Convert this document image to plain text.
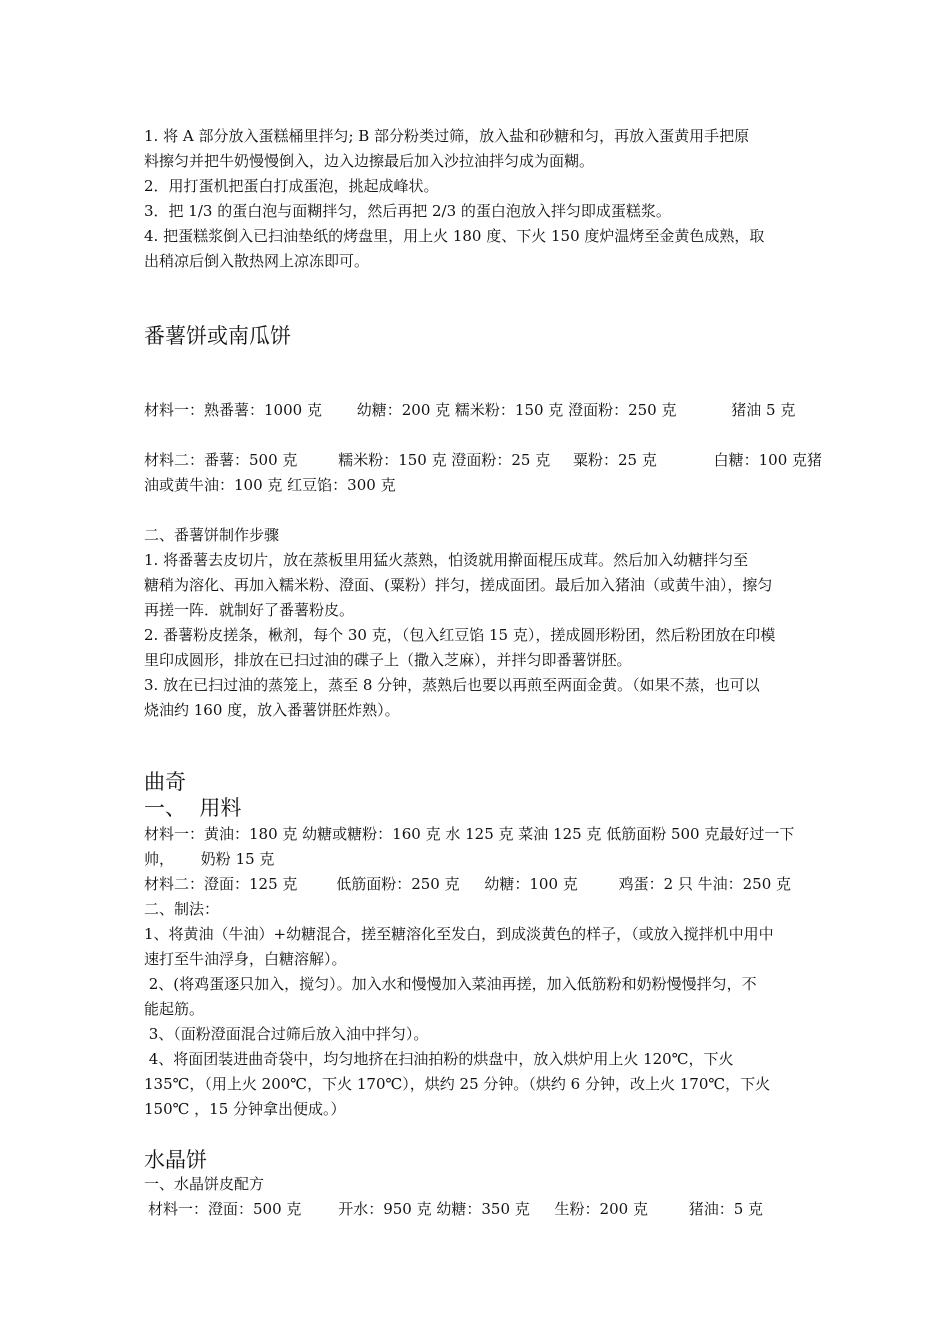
1. 将 A 部分放入蛋糕桶里拌匀; B 部分粉类过筛，放入盐和砂糖和匀，再放入蛋黄用手把原
料擦匀并把牛奶慢慢倒入，边入边擦最后加入沙拉油拌匀成为面糊。
2．用打蛋机把蛋白打成蛋泡，挑起成峰状。
3．把 1/3 的蛋白泡与面糊拌匀，然后再把 2/3 的蛋白泡放入拌匀即成蛋糕浆。
4. 把蛋糕浆倒入已扫油垫纸的烤盘里，用上火 180 度、下火 150 度炉温烤至金黄色成熟，取
出稍凉后倒入散热网上凉冻即可。
番薯饼或南瓜饼
材料一：熟番薯：1000 克 幼糖：200 克 糯米粉：150 克 澄面粉：250 克	猪油 5 克
材料二：番薯：500 克	糯米粉：150 克 澄面粉：25 克 粟粉：25 克	白糖：100 克猪
油或黄牛油：100 克 红豆馅：300 克
二、番薯饼制作步骤
1. 将番薯去皮切片，放在蒸板里用猛火蒸熟，怕烫就用擀面棍压成茸。然后加入幼糖拌匀至
糖稍为溶化、再加入糯米粉、澄面、(粟粉）拌匀，搓成面团。最后加入猪油（或黄牛油），擦匀
再搓一阵．就制好了番薯粉皮。
2. 番薯粉皮搓条，楸剂，每个 30 克，（包入红豆馅 15 克），搓成圆形粉团，然后粉团放在印模
里印成圆形，排放在已扫过油的碟子上（撒入芝麻），并拌匀即番薯饼胚。
3. 放在已扫过油的蒸笼上，蒸至 8 分钟，蒸熟后也要以再煎至两面金黄。（如果不蒸，也可以
烧油约 160 度，放入番薯饼胚炸熟）。
曲奇
一、  用料
材料一：黄油：180 克 幼糖或糖粉：160 克 水 125 克 菜油 125 克 低筋面粉 500 克最好过一下
帅， 奶粉 15 克
材料二：澄面：125 克	低筋面粉：250 克 幼糖：100 克	鸡蛋：2 只 牛油：250 克
二、制法：
1、将黄油（牛油）+幼糖混合，搓至糖溶化至发白，到成淡黄色的样子，（或放入搅拌机中用中
速打至牛油浮身，白糖溶解）。
2、(将鸡蛋逐只加入，搅匀）。加入水和慢慢加入菜油再搓，加入低筋粉和奶粉慢慢拌匀，不
能起筋。
3、（面粉澄面混合过筛后放入油中拌匀）。
4、将面团装进曲奇袋中，均匀地挤在扫油拍粉的烘盘中，放入烘炉用上火 120℃，下火
135℃，（用上火 200℃，下火 170℃），烘约 25 分钟。（烘约 6 分钟，改上火 170℃，下火
150℃ ，15 分钟拿出便成。）
水晶饼
一、水晶饼皮配方
材料一：澄面：500 克 开水：950 克 幼糖：350 克 生粉：200 克	猪油：5 克
